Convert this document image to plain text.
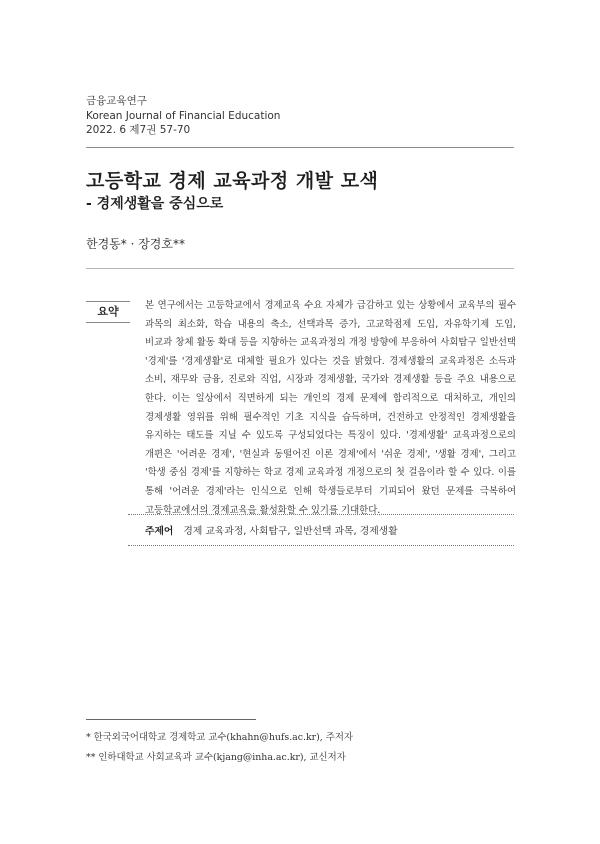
금융교육연구
Korean Journal of Financial Education
2022. 6 제7권 57-70
고등학교 경제 교육과정 개발 모색
- 경제생활을 중심으로
한경동* · 장경호**
요약	본 연구에서는 고등학교에서 경제교육 수요 자체가 급감하고 있는 상황에서 교육부의 필수 과목의 최소화, 학습 내용의 축소, 선택과목 증가, 고교학점제 도입, 자유학기제 도입, 비교과 창체 활동 확대 등을 지향하는 교육과정의 개정 방향에 부응하여 사회탐구 일반선택 '경제'를 '경제생활'로 대체할 필요가 있다는 것을 밝혔다. 경제생활의 교육과정은 소득과 소비, 재무와 금융, 진로와 직업, 시장과 경제생활, 국가와 경제생활 등을 주요 내용으로 한다. 이는 일상에서 직면하게 되는 개인의 경제 문제에 합리적으로 대처하고, 개인의 경제생활 영위를 위해 필수적인 기초 지식을 습득하며, 건전하고 안정적인 경제생활을 유지하는 태도를 지닐 수 있도록 구성되었다는 특징이 있다. '경제생활' 교육과정으로의 개편은 '어려운 경제', '현실과 동떨어진 이론 경제'에서 '쉬운 경제', '생활 경제', 그리고 '학생 중심 경제'를 지향하는 학교 경제 교육과정 개정으로의 첫 걸음이라 할 수 있다. 이를 통해 '어려운 경제'라는 인식으로 인해 학생들로부터 기피되어 왔던 문제를 극복하여 고등학교에서의 경제교육을 활성화할 수 있기를 기대한다.

주제어 경제 교육과정, 사회탐구, 일반선택 과목, 경제생활
* 한국외국어대학교 경제학교 교수(khahn@hufs.ac.kr), 주저자
** 인하대학교 사회교육과 교수(kjang@inha.ac.kr), 교신저자
